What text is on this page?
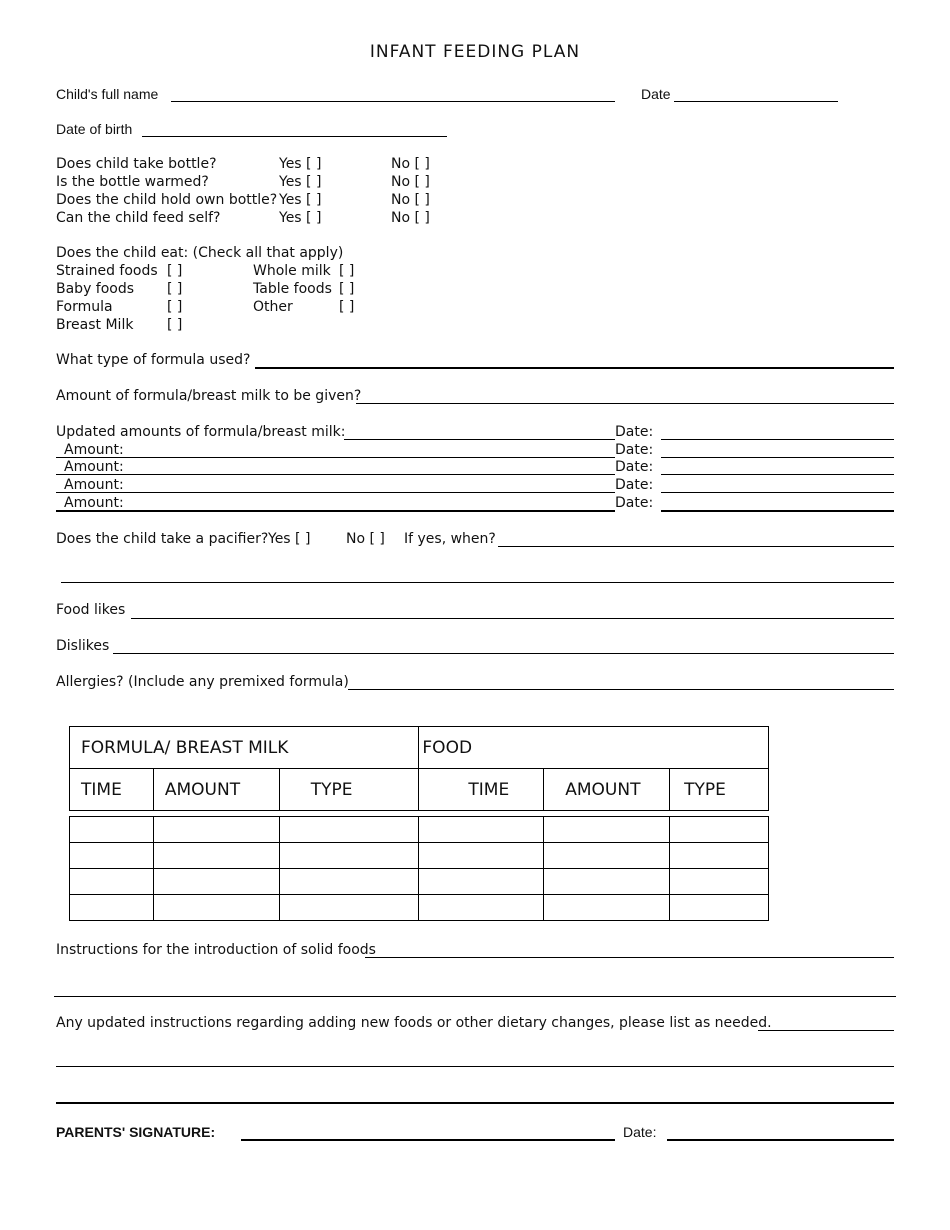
INFANT FEEDING PLAN
Child's full name	Date
Date of birth
Does child take bottle?	Yes [ ]	No [ ]
Is the bottle warmed?	Yes [ ]	No [ ]
Does the child hold own bottle? Yes [ ]	No [ ]
Can the child feed self?	Yes [ ]	No [ ]
Does the child eat: (Check all that apply)
Strained foods [ ]	Whole milk [ ]
Baby foods [ ]	Table foods [ ]
Formula	[ ]	Other	[ ]
Breast Milk [ ]
What type of formula used?
Amount of formula/breast milk to be given?
Updated amounts of formula/breast milk:	Date:
Amount:	Date:
Amount:	Date:
Amount:	Date:
Amount:	Date:
Does the child take a pacifier? Yes [ ]	No [ ] If yes, when?
Food likes
Dislikes
Allergies? (Include any premixed formula)
FORMULA/ BREAST MILK			FOOD		
TIME	AMOUNT	TYPE	TIME	AMOUNT	TYPE

Instructions for the introduction of solid foods
Any updated instructions regarding adding new foods or other dietary changes, please list as needed.
PARENTS' SIGNATURE:	Date:
